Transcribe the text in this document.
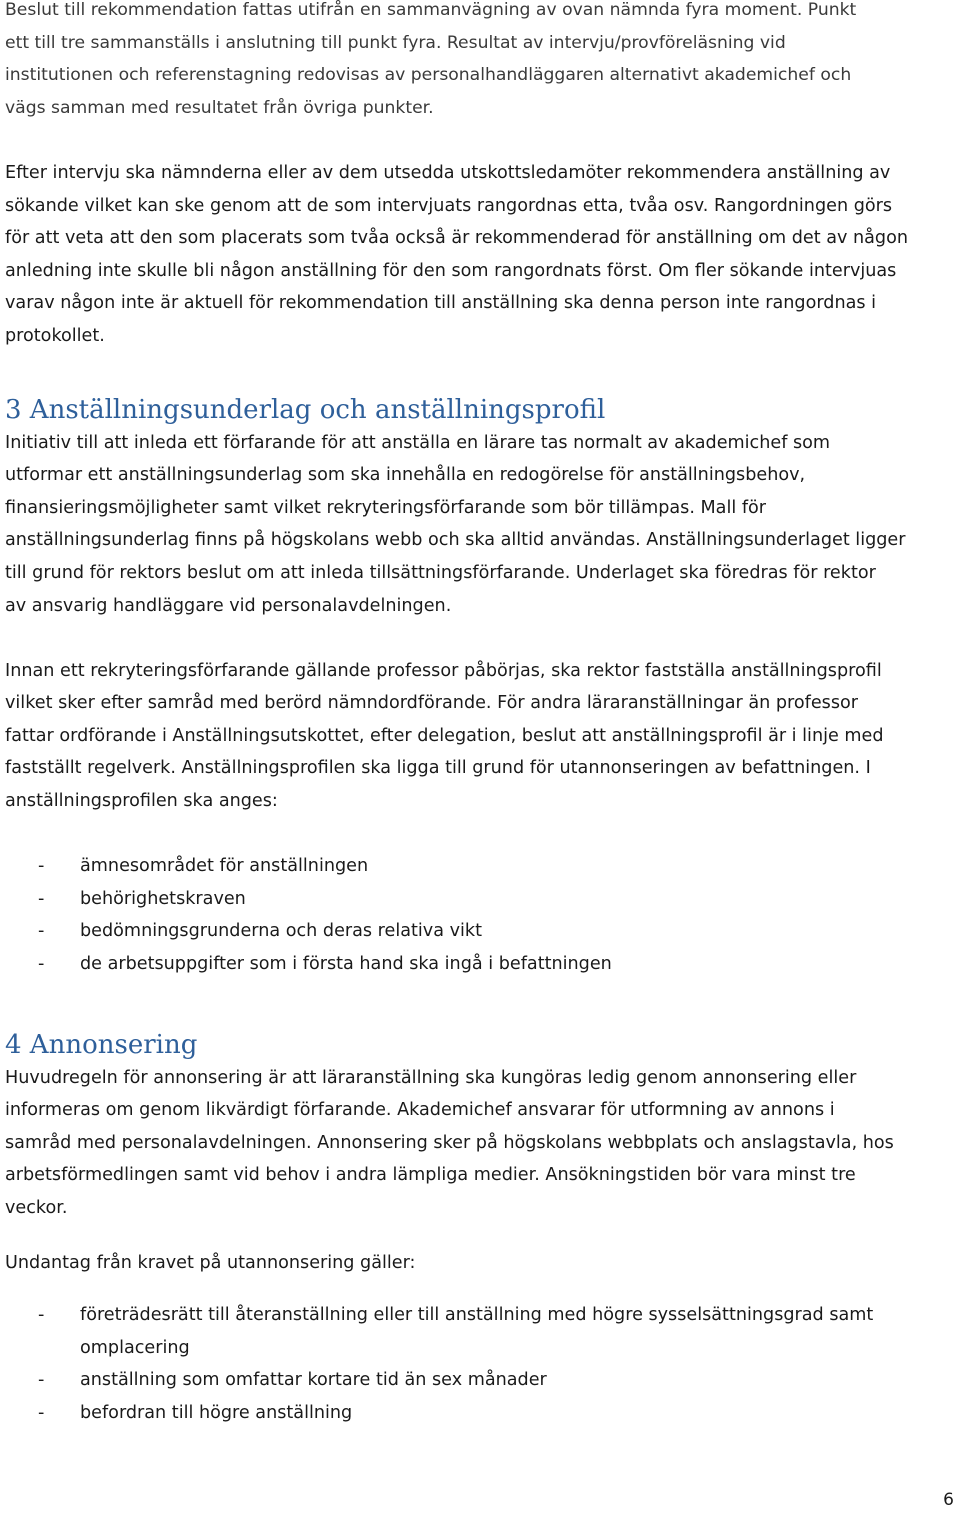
Beslut till rekommendation fattas utifrån en sammanvägning av ovan nämnda fyra moment. Punkt
ett till tre sammanställs i anslutning till punkt fyra. Resultat av intervju/provföreläsning vid
institutionen och referenstagning redovisas av personalhandläggaren alternativt akademichef och
vägs samman med resultatet från övriga punkter.
Efter intervju ska nämnderna eller av dem utsedda utskottsledamöter rekommendera anställning av
sökande vilket kan ske genom att de som intervjuats rangordnas etta, tvåa osv. Rangordningen görs
för att veta att den som placerats som tvåa också är rekommenderad för anställning om det av någon
anledning inte skulle bli någon anställning för den som rangordnats först. Om fler sökande intervjuas
varav någon inte är aktuell för rekommendation till anställning ska denna person inte rangordnas i
protokollet.
3 Anställningsunderlag och anställningsprofil
Initiativ till att inleda ett förfarande för att anställa en lärare tas normalt av akademichef som
utformar ett anställningsunderlag som ska innehålla en redogörelse för anställningsbehov,
finansieringsmöjligheter samt vilket rekryteringsförfarande som bör tillämpas. Mall för
anställningsunderlag finns på högskolans webb och ska alltid användas. Anställningsunderlaget ligger
till grund för rektors beslut om att inleda tillsättningsförfarande. Underlaget ska föredras för rektor
av ansvarig handläggare vid personalavdelningen.
Innan ett rekryteringsförfarande gällande professor påbörjas, ska rektor fastställa anställningsprofil
vilket sker efter samråd med berörd nämndordförande. För andra läraranställningar än professor
fattar ordförande i Anställningsutskottet, efter delegation, beslut att anställningsprofil är i linje med
fastställt regelverk. Anställningsprofilen ska ligga till grund för utannonseringen av befattningen. I
anställningsprofilen ska anges:
- ämnesområdet för anställningen
- behörighetskraven
- bedömningsgrunderna och deras relativa vikt
- de arbetsuppgifter som i första hand ska ingå i befattningen
4 Annonsering
Huvudregeln för annonsering är att läraranställning ska kungöras ledig genom annonsering eller
informeras om genom likvärdigt förfarande. Akademichef ansvarar för utformning av annons i
samråd med personalavdelningen. Annonsering sker på högskolans webbplats och anslagstavla, hos
arbetsförmedlingen samt vid behov i andra lämpliga medier. Ansökningstiden bör vara minst tre
veckor.
Undantag från kravet på utannonsering gäller:
- företrädesrätt till återanställning eller till anställning med högre sysselsättningsgrad samt
omplacering
- anställning som omfattar kortare tid än sex månader
- befordran till högre anställning
6
